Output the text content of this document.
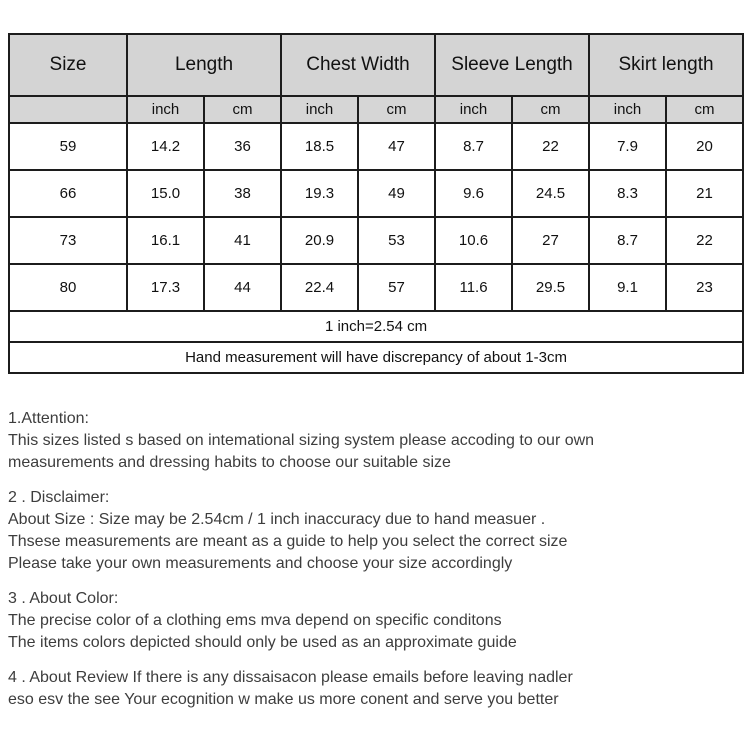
Size	Length		Chest Width		Sleeve Length		Skirt length	
	inch	cm	inch	cm	inch	cm	inch	cm
59	14.2	36	18.5	47	8.7	22	7.9	20
66	15.0	38	19.3	49	9.6	24.5	8.3	21
73	16.1	41	20.9	53	10.6	27	8.7	22
80	17.3	44	22.4	57	11.6	29.5	9.1	23
1 inch=2.54 cm								
Hand measurement will have discrepancy of about 1-3cm								
1.Attention:
This sizes listed s based on intemational sizing system please accoding to our own
measurements and dressing habits to choose our suitable size
2 . Disclaimer:
About Size : Size may be 2.54cm / 1 inch inaccuracy due to hand measuer .
Thsese measurements are meant as a guide to help you select the correct size
Please take your own measurements and choose your size accordingly
3 . About Color:
The precise color of a clothing ems mva depend on specific conditons
The items colors depicted should only be used as an approximate guide
4 . About Review If there is any dissaisacon please emails before leaving nadler
eso esv the see Your ecognition w make us more conent and serve you better
